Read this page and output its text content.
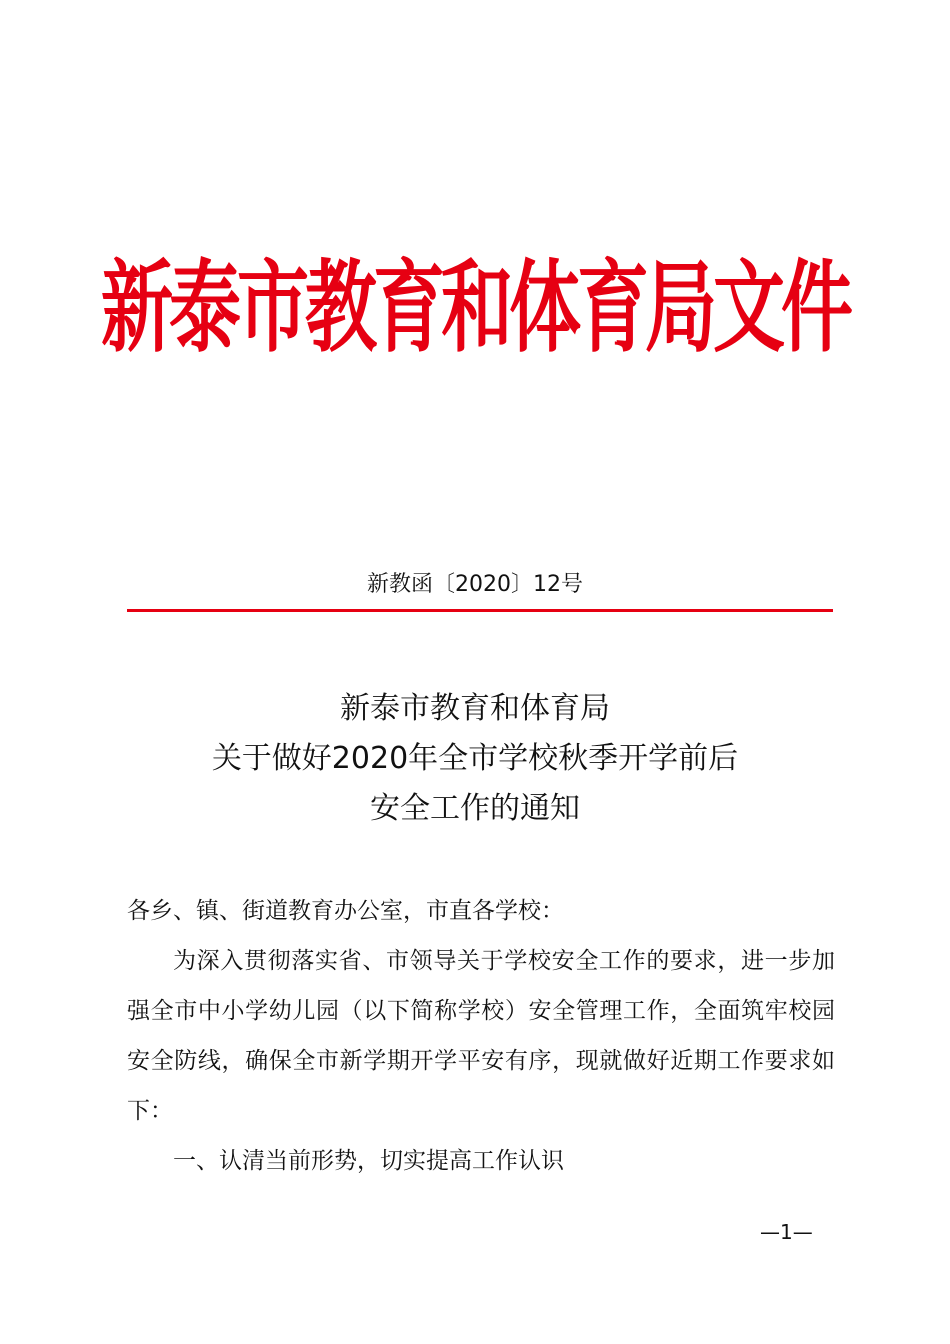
新泰市教育和体育局文件
新教函〔2020〕12号
新泰市教育和体育局
关于做好2020年全市学校秋季开学前后
安全工作的通知

各乡、镇、街道教育办公室，市直各学校：

为深入贯彻落实省、市领导关于学校安全工作的要求，进一步加强全市中小学幼儿园（以下简称学校）安全管理工作，全面筑牢校园安全防线，确保全市新学期开学平安有序，现就做好近期工作要求如下：

一、认清当前形势，切实提高工作认识

—1—
